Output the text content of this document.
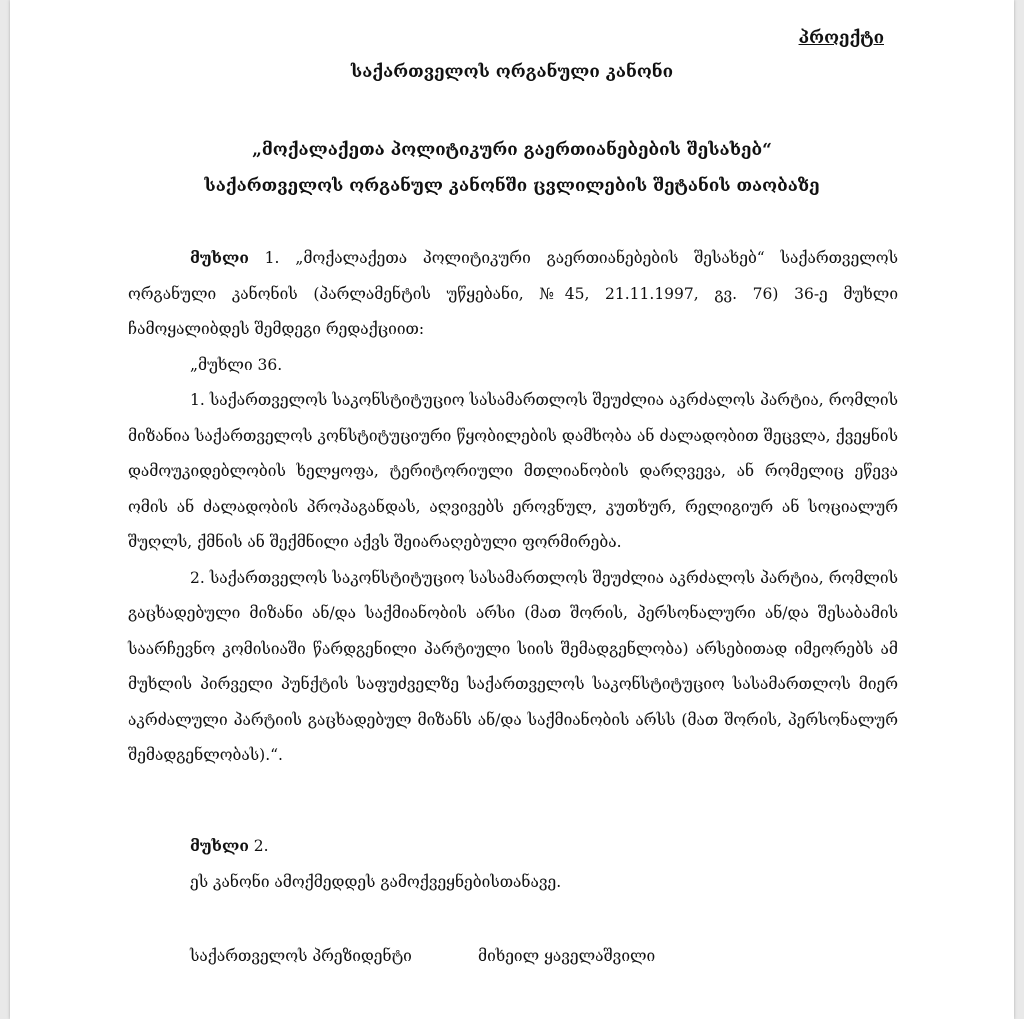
პროექტი
საქართველოს ორგანული კანონი
„მოქალაქეთა პოლიტიკური გაერთიანებების შესახებ“
საქართველოს ორგანულ კანონში ცვლილების შეტანის თაობაზე

მუხლი 1. „მოქალაქეთა პოლიტიკური გაერთიანებების შესახებ“ საქართველოს ორგანული კანონის (პარლამენტის უწყებანი, №45, 21.11.1997, გვ. 76) 36-ე მუხლი ჩამოყალიბდეს შემდეგი რედაქციით:

„მუხლი 36.

1. საქართველოს საკონსტიტუციო სასამართლოს შეუძლია აკრძალოს პარტია, რომლის მიზანია საქართველოს კონსტიტუციური წყობილების დამხობა ან ძალადობით შეცვლა, ქვეყნის დამოუკიდებლობის ხელყოფა, ტერიტორიული მთლიანობის დარღვევა, ან რომელიც ეწევა ომის ან ძალადობის პროპაგანდას, აღვივებს ეროვნულ, კუთხურ, რელიგიურ ან სოციალურ შუღლს, ქმნის ან შექმნილი აქვს შეიარაღებული ფორმირება.

2. საქართველოს საკონსტიტუციო სასამართლოს შეუძლია აკრძალოს პარტია, რომლის გაცხადებული მიზანი ან/და საქმიანობის არსი (მათ შორის, პერსონალური ან/და შესაბამის საარჩევნო კომისიაში წარდგენილი პარტიული სიის შემადგენლობა) არსებითად იმეორებს ამ მუხლის პირველი პუნქტის საფუძველზე საქართველოს საკონსტიტუციო სასამართლოს მიერ აკრძალული პარტიის გაცხადებულ მიზანს ან/და საქმიანობის არსს (მათ შორის, პერსონალურ შემადგენლობას).“.

მუხლი 2.
ეს კანონი ამოქმედდეს გამოქვეყნებისთანავე.
საქართველოს პრეზიდენტი	მიხეილ ყაველაშვილი
